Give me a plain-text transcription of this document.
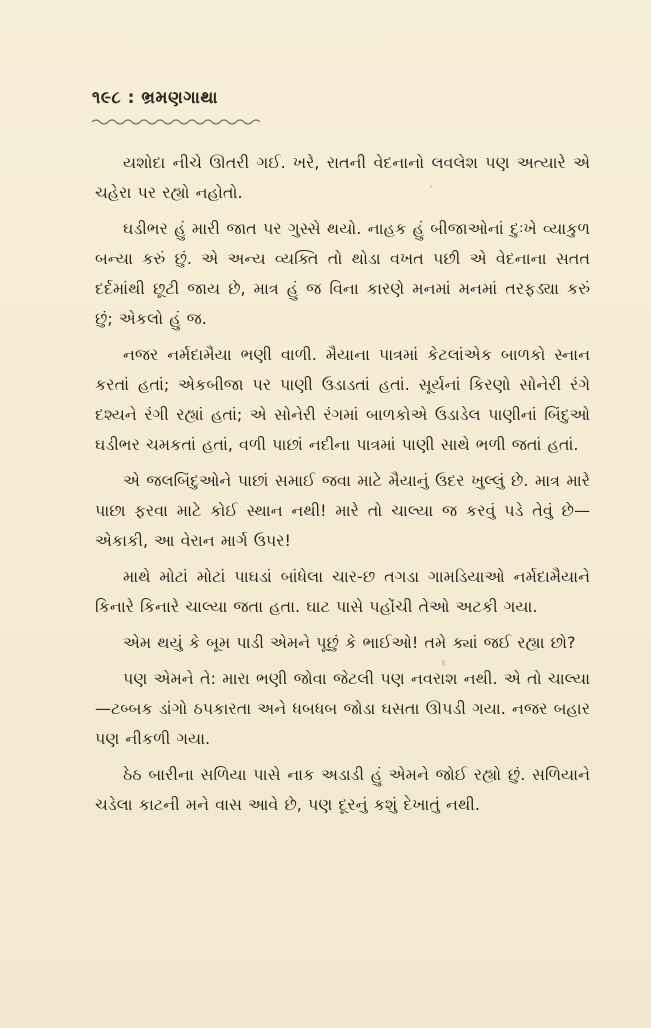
૧૯૮ : ભ્રમણગાથા

યશોદા નીચે ઊતરી ગઈ. ખરે, રાતની વેદનાનો લવલેશ પણ અત્યારે એ ચહેરા પર રહ્યો નહોતો.

ઘડીભર હું મારી જાત પર ગુસ્સે થયો. નાહક હું બીજાઓનાં દુઃખે વ્યાકુળ બન્યા કરું છું. એ અન્ય વ્યક્તિ તો થોડા વખત પછી એ વેદનાના સતત દર્દમાંથી છૂટી જાય છે, માત્ર હું જ વિના કારણે મનમાં મનમાં તરફડ્યા કરું છું; એકલો હું જ.

નજર નર્મદામૈયા ભણી વાળી. મૈયાના પાત્રમાં કેટલાંએક બાળકો સ્નાન કરતાં હતાં; એકબીજા પર પાણી ઉડાડતાં હતાં. સૂર્યનાં કિરણો સોનેરી રંગે દશ્યને રંગી રહ્યાં હતાં; એ સોનેરી રંગમાં બાળકોએ ઉડાડેલ પાણીનાં બિંદુઓ ઘડીભર ચમકતાં હતાં, વળી પાછાં નદીના પાત્રમાં પાણી સાથે ભળી જતાં હતાં.

એ જલબિંદુઓને પાછાં સમાઈ જવા માટે મૈયાનું ઉદર ખુલ્લું છે. માત્ર મારે પાછા ફરવા માટે કોઈ સ્થાન નથી! મારે તો ચાલ્યા જ કરવું પડે તેવું છે—એકાકી, આ વેરાન માર્ગ ઉપર!

માથે મોટાં મોટાં પાઘડાં બાંધેલા ચાર-છ તગડા ગામડિયાઓ નર્મદામૈયાને કિનારે કિનારે ચાલ્યા જતા હતા. ઘાટ પાસે પહોંચી તેઓ અટકી ગયા.

એમ થયું કે બૂમ પાડી એમને પૂછું કે ભાઈઓ! તમે ક્યાં જઈ રહ્યા છો?

પણ એમને તે: મારા ભણી જોવા જેટલી પણ નવરાશ નથી. એ તો ચાલ્યા—ટબ્બક ડાંગો ઠપકારતા અને ધબધબ જોડા ઘસતા ઊપડી ગયા. નજર બહાર પણ નીકળી ગયા.

ઠેઠ બારીના સળિયા પાસે નાક અડાડી હું એમને જોઈ રહ્યો છું. સળિયાને ચડેલા કાટની મને વાસ આવે છે, પણ દૂરનું કશું દેખાતું નથી.
